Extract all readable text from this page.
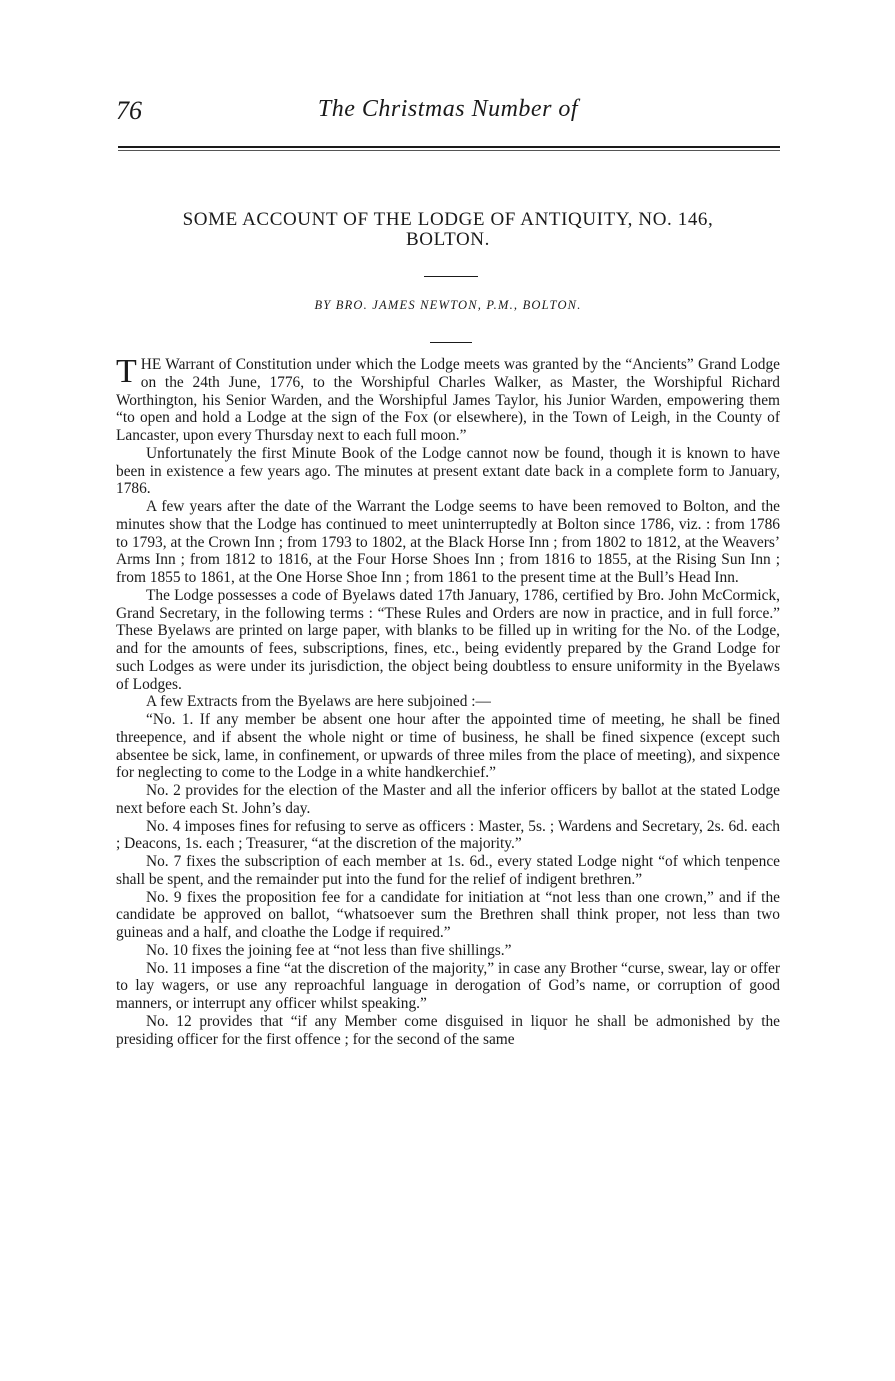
76	The Christmas Number of
SOME ACCOUNT OF THE LODGE OF ANTIQUITY, NO. 146,
BOLTON.
BY BRO. JAMES NEWTON, P.M., BOLTON.

THE Warrant of Constitution under which the Lodge meets was granted by the “Ancients” Grand Lodge on the 24th June, 1776, to the Worshipful Charles Walker, as Master, the Worshipful Richard Worthington, his Senior Warden, and the Worshipful James Taylor, his Junior Warden, empowering them “to open and hold a Lodge at the sign of the Fox (or elsewhere), in the Town of Leigh, in the County of Lancaster, upon every Thursday next to each full moon.”

Unfortunately the first Minute Book of the Lodge cannot now be found, though it is known to have been in existence a few years ago. The minutes at present extant date back in a complete form to January, 1786.

A few years after the date of the Warrant the Lodge seems to have been removed to Bolton, and the minutes show that the Lodge has continued to meet uninterruptedly at Bolton since 1786, viz. : from 1786 to 1793, at the Crown Inn ; from 1793 to 1802, at the Black Horse Inn ; from 1802 to 1812, at the Weavers’ Arms Inn ; from 1812 to 1816, at the Four Horse Shoes Inn ; from 1816 to 1855, at the Rising Sun Inn ; from 1855 to 1861, at the One Horse Shoe Inn ; from 1861 to the present time at the Bull’s Head Inn.

The Lodge possesses a code of Byelaws dated 17th January, 1786, certified by Bro. John McCormick, Grand Secretary, in the following terms : “These Rules and Orders are now in practice, and in full force.” These Byelaws are printed on large paper, with blanks to be filled up in writing for the No. of the Lodge, and for the amounts of fees, subscriptions, fines, etc., being evidently prepared by the Grand Lodge for such Lodges as were under its jurisdiction, the object being doubtless to ensure uniformity in the Byelaws of Lodges.

A few Extracts from the Byelaws are here subjoined :—

“No. 1. If any member be absent one hour after the appointed time of meeting, he shall be fined threepence, and if absent the whole night or time of business, he shall be fined sixpence (except such absentee be sick, lame, in confinement, or upwards of three miles from the place of meeting), and sixpence for neglecting to come to the Lodge in a white handkerchief.”

No. 2 provides for the election of the Master and all the inferior officers by ballot at the stated Lodge next before each St. John’s day.

No. 4 imposes fines for refusing to serve as officers : Master, 5s. ; Wardens and Secretary, 2s. 6d. each ; Deacons, 1s. each ; Treasurer, “at the discretion of the majority.”

No. 7 fixes the subscription of each member at 1s. 6d., every stated Lodge night “of which tenpence shall be spent, and the remainder put into the fund for the relief of indigent brethren.”

No. 9 fixes the proposition fee for a candidate for initiation at “not less than one crown,” and if the candidate be approved on ballot, “whatsoever sum the Brethren shall think proper, not less than two guineas and a half, and cloathe the Lodge if required.”

No. 10 fixes the joining fee at “not less than five shillings.”

No. 11 imposes a fine “at the discretion of the majority,” in case any Brother “curse, swear, lay or offer to lay wagers, or use any reproachful language in derogation of God’s name, or corruption of good manners, or interrupt any officer whilst speaking.”

No. 12 provides that “if any Member come disguised in liquor he shall be admonished by the presiding officer for the first offence ; for the second of the same
